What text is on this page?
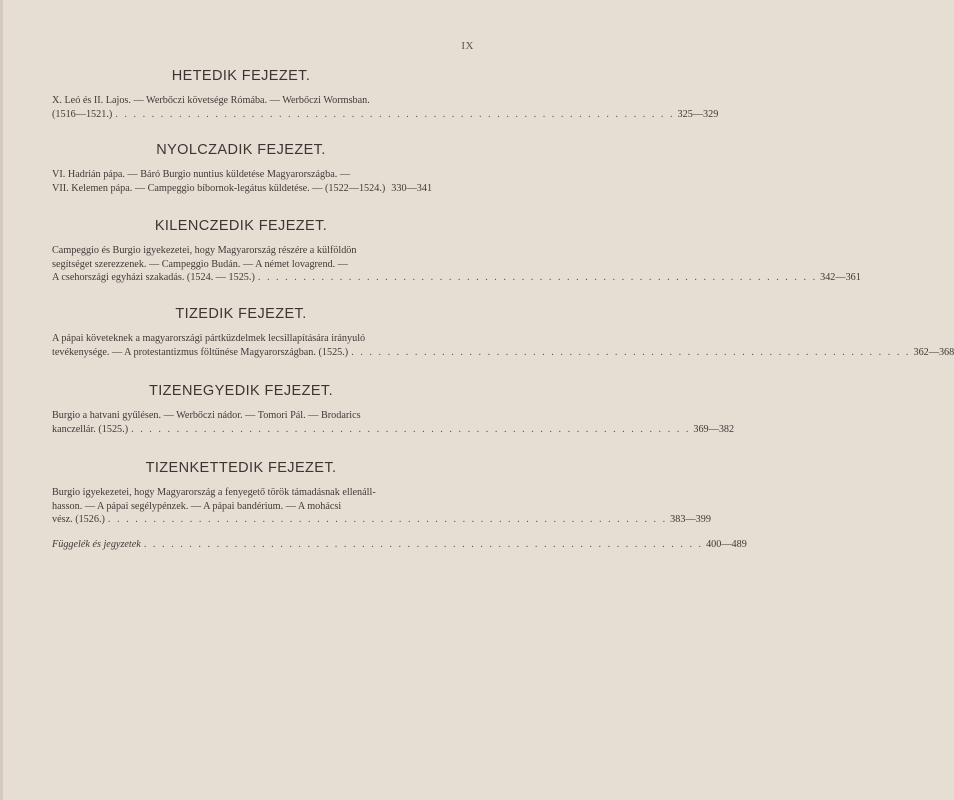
IX
HETEDIK FEJEZET.
X. Leó és II. Lajos. — Werbőczi követsége Rómába. — Werbőczi Wormsban.
(1516—1521.) . . . . . . . . . . . . . . . . . . . . . . . . . . . . . . . . . . . . . . . . . . . . . . . . . . . . . . . . . . . . . . 325—329
NYOLCZADIK FEJEZET.
VI. Hadrián pápa. — Báró Burgio nuntius küldetése Magyarországba. —
VII. Kelemen pápa. — Campeggio bíbornok-legátus küldetése. — (1522—1524.) 330—341
KILENCZEDIK FEJEZET.
Campeggio és Burgio igyekezetei, hogy Magyarország részére a külföldön
segítséget szerezzenek. — Campeggio Budán. — A német lovagrend. —
A csehországi egyházi szakadás. (1524. — 1525.) . . . . . . . . . . . . . . . . . . . . . . . . . . . . . . . . . . . . . . . . . . . . . . . . . . . . . . . . . . . . . . 342—361
TIZEDIK FEJEZET.
A pápai követeknek a magyarországi pártküzdelmek lecsillapítására irányuló
tevékenysége. — A protestantizmus föltűnése Magyarországban. (1525.) . . . . . . . . . . . . . . . . . . . . . . . . . . . . . . . . . . . . . . . . . . . . . . . . . . . . . . . . . . . . . . 362—368
TIZENEGYEDIK FEJEZET.
Burgio a hatvani gyűlésen. — Werbőczi nádor. — Tomori Pál. — Brodarics
kanczellár. (1525.) . . . . . . . . . . . . . . . . . . . . . . . . . . . . . . . . . . . . . . . . . . . . . . . . . . . . . . . . . . . . . . 369—382
TIZENKETTEDIK FEJEZET.
Burgio igyekezetei, hogy Magyarország a fenyegető török támadásnak ellenáll-
hasson. — A pápai segélypénzek. — A pápai bandérium. — A mohácsi
vész. (1526.) . . . . . . . . . . . . . . . . . . . . . . . . . . . . . . . . . . . . . . . . . . . . . . . . . . . . . . . . . . . . . . 383—399
Függelék és jegyzetek . . . . . . . . . . . . . . . . . . . . . . . . . . . . . . . . . . . . . . . . . . . . . . . . . . . . . . . . . . . . . . 400—489
